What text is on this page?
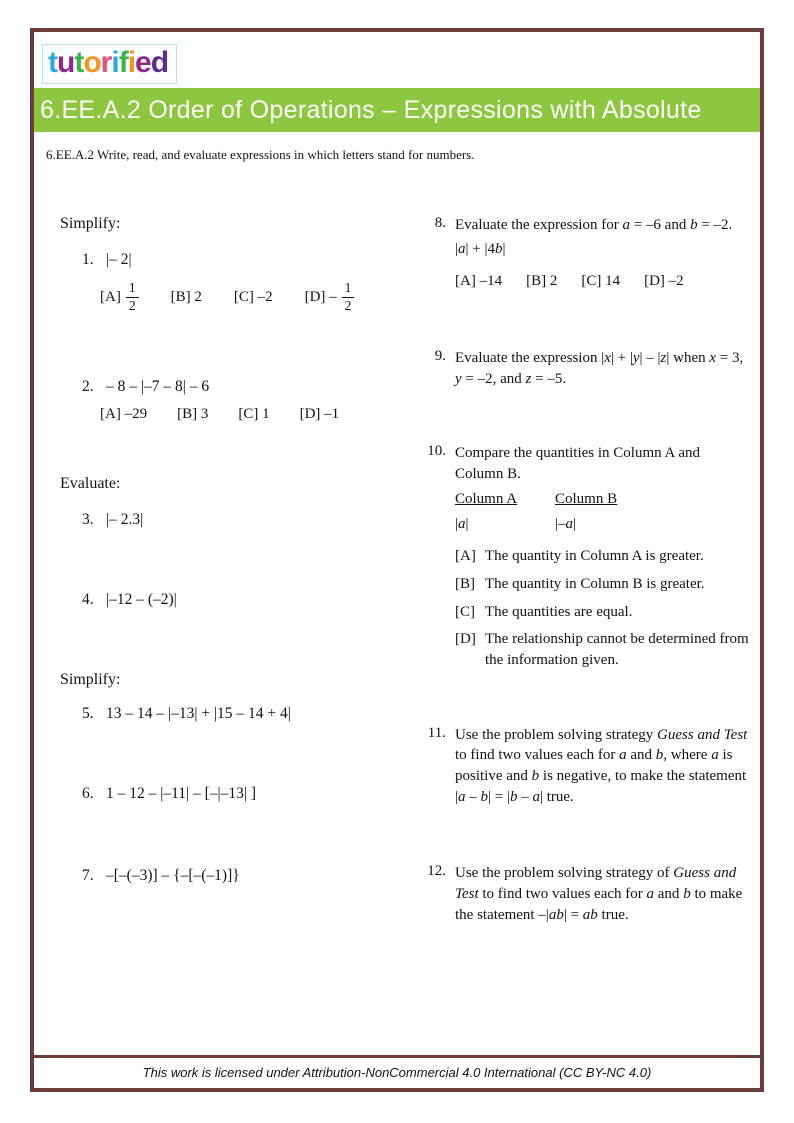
tutorified
6.EE.A.2 Order of Operations – Expressions with Absolute
6.EE.A.2 Write, read, and evaluate expressions in which letters stand for numbers.
Simplify:
1. |– 2|
$[A] \frac{1}{2} [B]$ 2 [C] –2 $[D] - \frac{1}{2}$
2. – 8 – |–7 – 8| – 6
[A] –29 [B] 3 [C] 1 [D] –1
Evaluate:
3. |– 2.3|
4. |–12 – (–2)|
Simplify:
5. 13 – 14 – |–13| + |15 – 14 + 4|
6. 1 – 12 – |–11| – [–|–13| ]
7. –[–(–3)] – {–[–(–1)]}
8. Evaluate the expression for a = –6 and b = –2.
|a| + |4b|
[A] –14 [B] 2 [C] 14 [D] –2
9. Evaluate the expression |x| + |y| – |z| when x = 3, y = –2, and z = –5.
10. Compare the quantities in Column A and Column B.
Column A	Column B
|a|	|–a|
[A] The quantity in Column A is greater.
[B] The quantity in Column B is greater.
[C] The quantities are equal.
[D] The relationship cannot be determined from the information given.
11. Use the problem solving strategy Guess and Test to find two values each for a and b, where a is positive and b is negative, to make the statement |a – b| = |b – a| true.
12. Use the problem solving strategy of Guess and Test to find two values each for a and b to make the statement –|ab| = ab true.
This work is licensed under Attribution-NonCommercial 4.0 International (CC BY-NC 4.0)
